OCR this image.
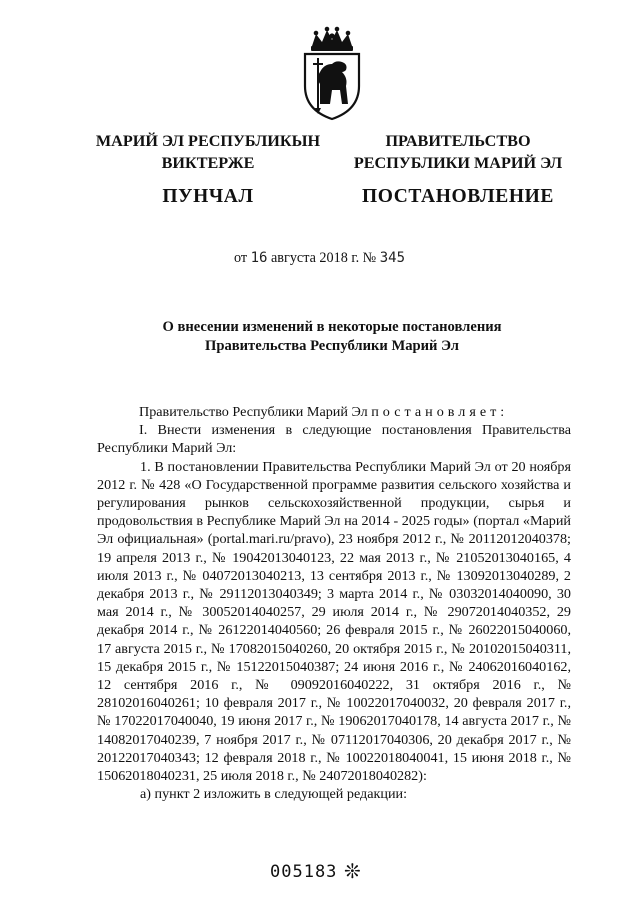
МАРИЙ ЭЛ РЕСПУБЛИКЫН
ВИКТЕРЖЕ
ПУНЧАЛ
ПРАВИТЕЛЬСТВО
РЕСПУБЛИКИ МАРИЙ ЭЛ
ПОСТАНОВЛЕНИЕ
от 16 августа 2018 г. № 345
О внесении изменений в некоторые постановления
Правительства Республики Марий Эл

Правительство Республики Марий Эл постановляет:

I. Внести изменения в следующие постановления Правительства Республики Марий Эл:

1. В постановлении Правительства Республики Марий Эл от 20 ноября 2012 г. № 428 «О Государственной программе развития сельского хозяйства и регулирования рынков сельскохозяйственной продукции, сырья и продовольствия в Республике Марий Эл на 2014 - 2025 годы» (портал «Марий Эл официальная» (portal.mari.ru/pravo), 23 ноября 2012 г., № 20112012040378; 19 апреля 2013 г., № 19042013040123, 22 мая 2013 г., № 21052013040165, 4 июля 2013 г., № 04072013040213, 13 сентября 2013 г., № 13092013040289, 2 декабря 2013 г., № 29112013040349; 3 марта 2014 г., № 03032014040090, 30 мая 2014 г., № 30052014040257, 29 июля 2014 г., № 29072014040352, 29 декабря 2014 г., № 26122014040560; 26 февраля 2015 г., № 26022015040060, 17 августа 2015 г., № 17082015040260, 20 октября 2015 г., № 20102015040311, 15 декабря 2015 г., № 15122015040387; 24 июня 2016 г., № 24062016040162, 12 сентября 2016 г., № 09092016040222, 31 октября 2016 г., № 28102016040261; 10 февраля 2017 г., № 10022017040032, 20 февраля 2017 г., № 17022017040040, 19 июня 2017 г., № 19062017040178, 14 августа 2017 г., № 14082017040239, 7 ноября 2017 г., № 07112017040306, 20 декабря 2017 г., № 20122017040343; 12 февраля 2018 г., № 10022018040041, 15 июня 2018 г., № 15062018040231, 25 июля 2018 г., № 24072018040282):

а) пункт 2 изложить в следующей редакции:

005183 ❊
